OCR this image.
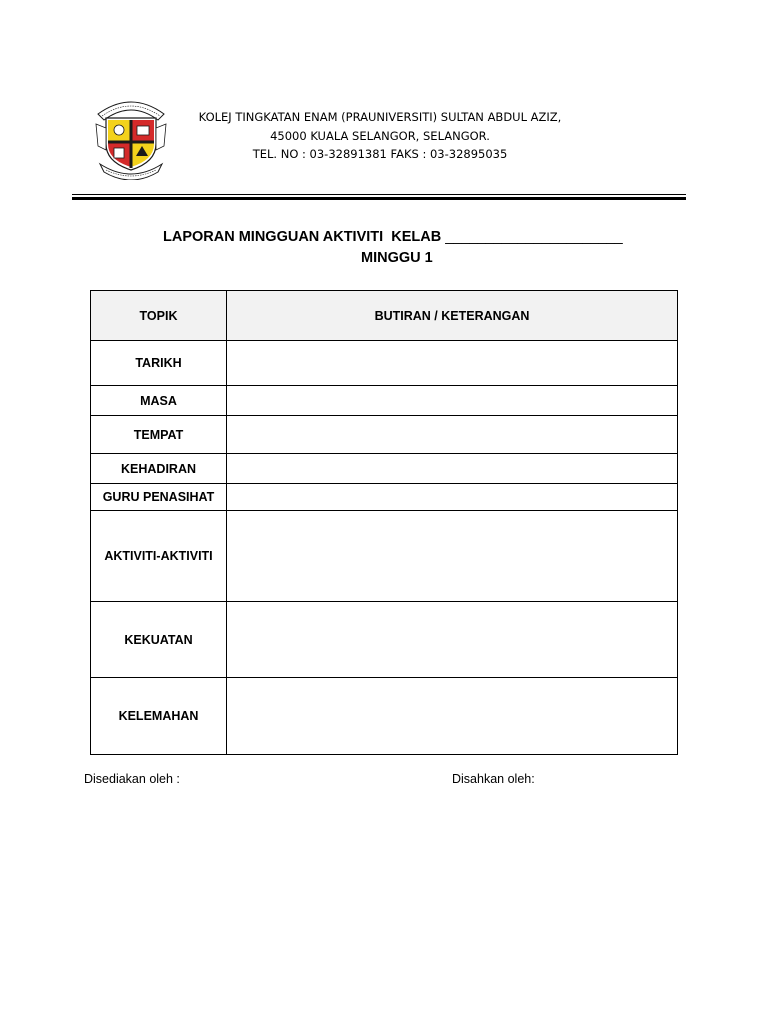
KOLEJ TINGKATAN ENAM (PRAUNIVERSITI) SULTAN ABDUL AZIZ,
45000 KUALA SELANGOR, SELANGOR.
TEL. NO : 03-32891381 FAKS : 03-32895035
LAPORAN MINGGUAN AKTIVITI  KELAB ______________________
MINGGU 1
TOPIK	BUTIRAN / KETERANGAN
TARIKH	
MASA	
TEMPAT	
KEHADIRAN	
GURU PENASIHAT	
AKTIVITI-AKTIVITI	
KEKUATAN	
KELEMAHAN	
Disediakan oleh :	Disahkan oleh:
